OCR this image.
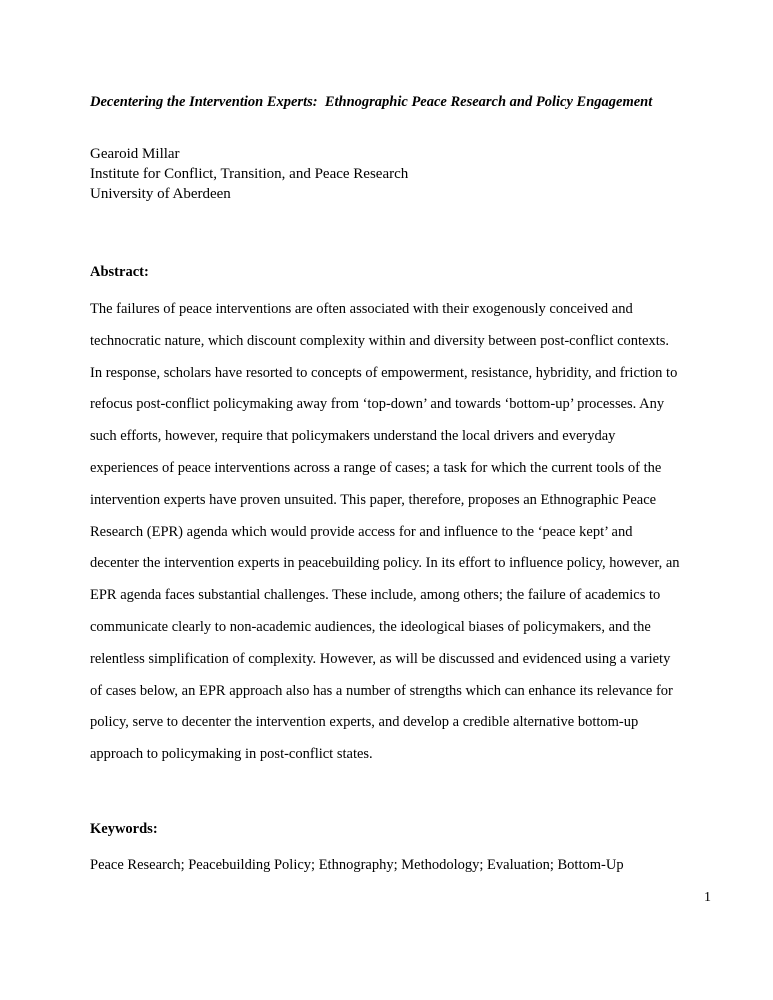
Decentering the Intervention Experts:  Ethnographic Peace Research and Policy Engagement
Gearoid Millar
Institute for Conflict, Transition, and Peace Research
University of Aberdeen
Abstract:

The failures of peace interventions are often associated with their exogenously conceived and technocratic nature, which discount complexity within and diversity between post-conflict contexts. In response, scholars have resorted to concepts of empowerment, resistance, hybridity, and friction to refocus post-conflict policymaking away from ‘top-down’ and towards ‘bottom-up’ processes. Any such efforts, however, require that policymakers understand the local drivers and everyday experiences of peace interventions across a range of cases; a task for which the current tools of the intervention experts have proven unsuited. This paper, therefore, proposes an Ethnographic Peace Research (EPR) agenda which would provide access for and influence to the ‘peace kept’ and decenter the intervention experts in peacebuilding policy. In its effort to influence policy, however, an EPR agenda faces substantial challenges. These include, among others; the failure of academics to communicate clearly to non-academic audiences, the ideological biases of policymakers, and the relentless simplification of complexity. However, as will be discussed and evidenced using a variety of cases below, an EPR approach also has a number of strengths which can enhance its relevance for policy, serve to decenter the intervention experts, and develop a credible alternative bottom-up approach to policymaking in post-conflict states.

Keywords:

Peace Research; Peacebuilding Policy; Ethnography; Methodology; Evaluation; Bottom-Up

1
